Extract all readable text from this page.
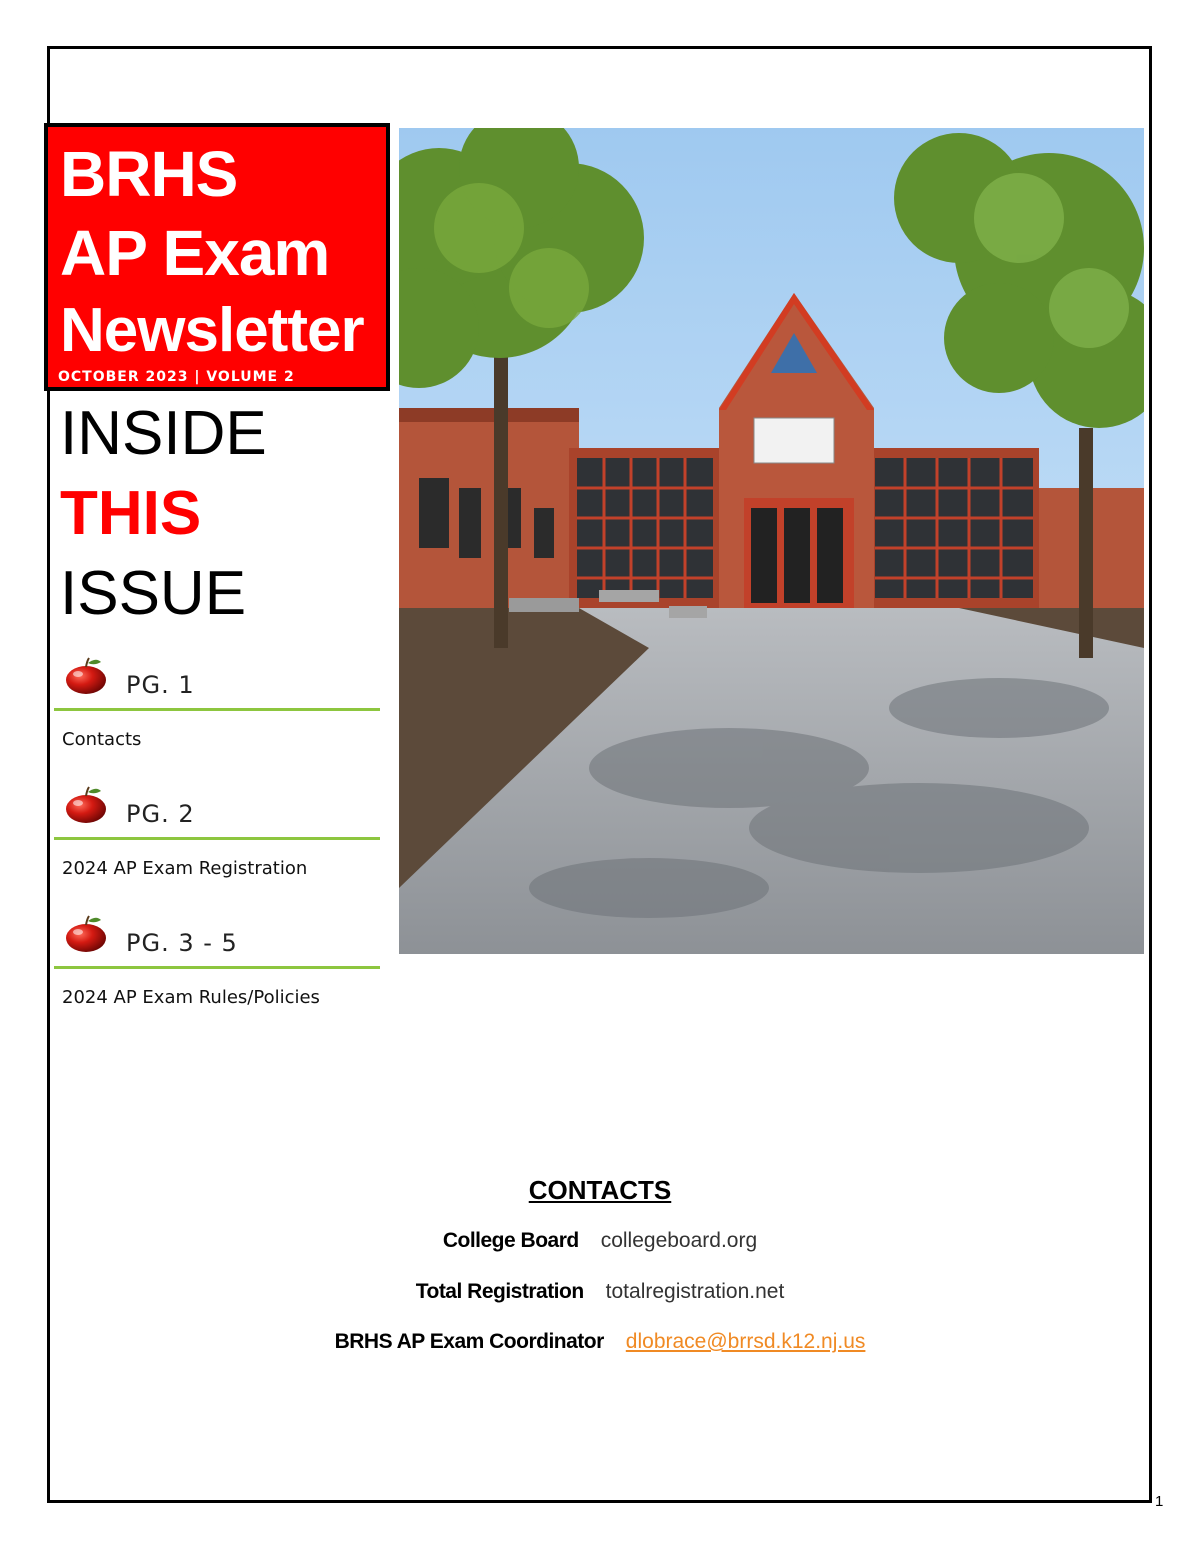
BRHS
AP Exam
Newsletter
OCTOBER 2023 | VOLUME 2
INSIDE
THIS
ISSUE
PG. 1
Contacts
PG. 2
2024 AP Exam Registration
PG. 3 - 5
2024 AP Exam Rules/Policies
CONTACTS
College Board collegeboard.org
Total Registration totalregistration.net
BRHS AP Exam Coordinator dlobrace@brrsd.k12.nj.us
1
